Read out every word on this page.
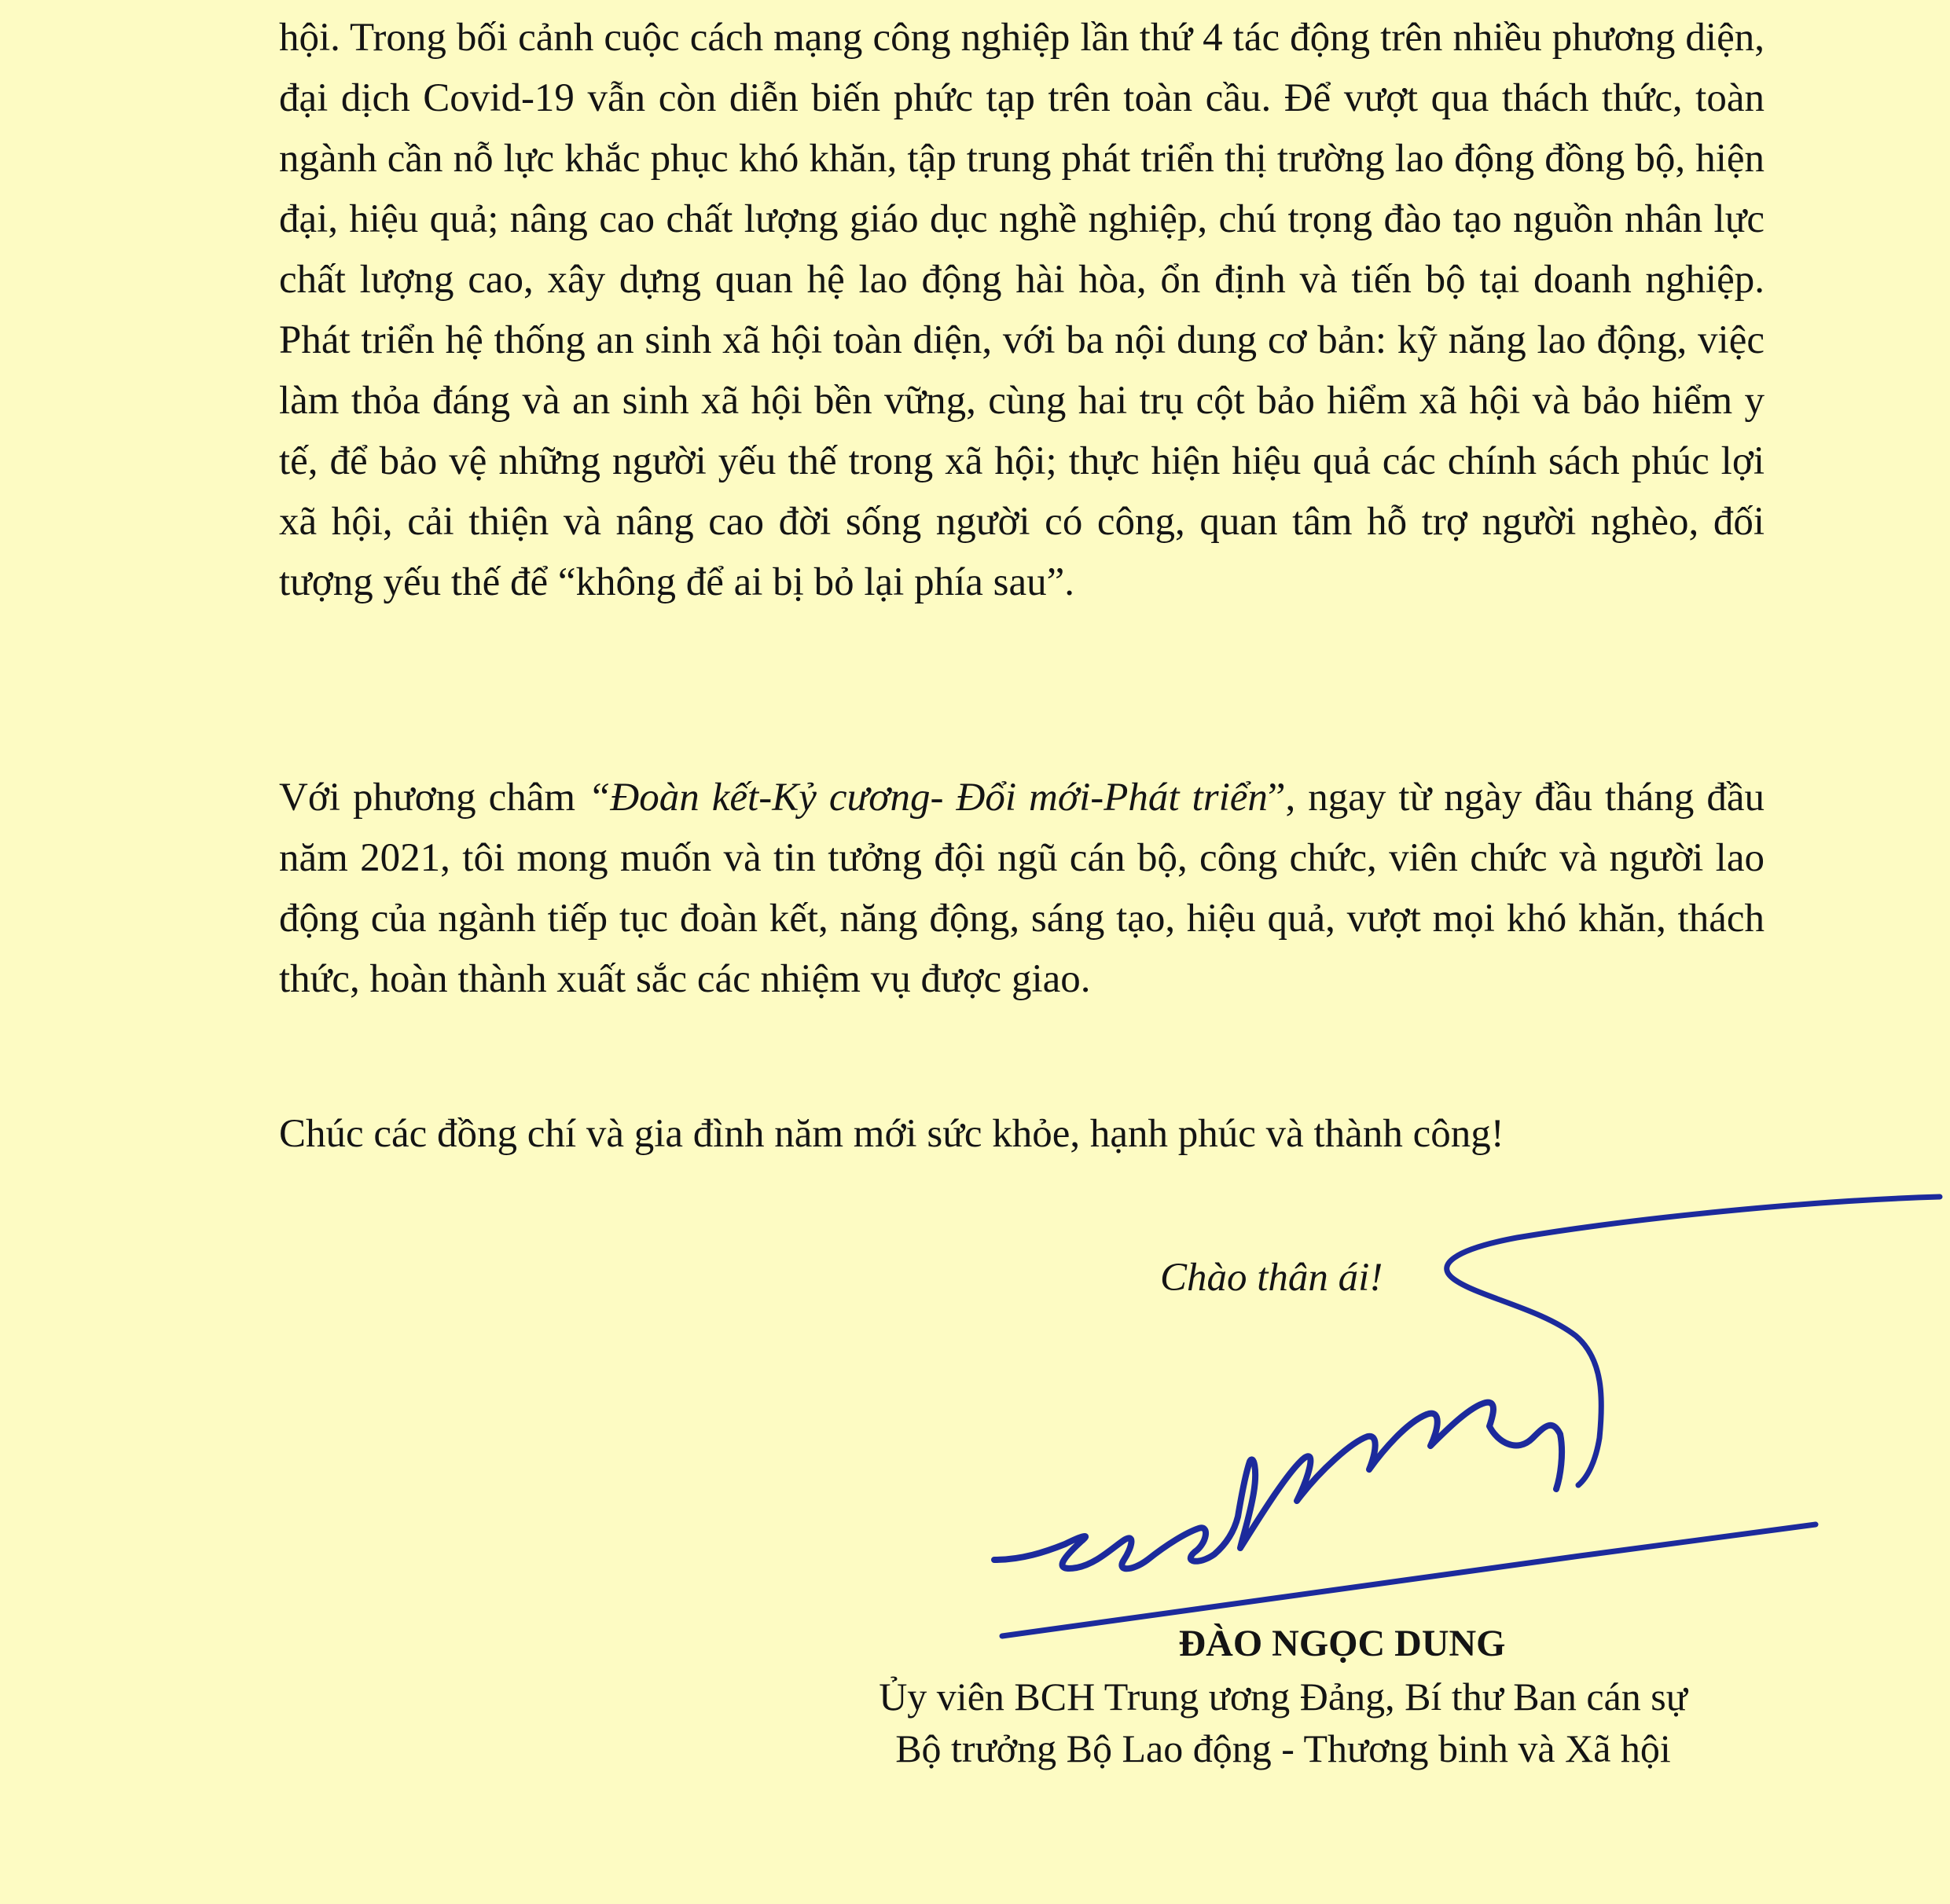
hội. Trong bối cảnh cuộc cách mạng công nghiệp lần thứ 4 tác động trên nhiều phương diện, đại dịch Covid-19 vẫn còn diễn biến phức tạp trên toàn cầu. Để vượt qua thách thức, toàn ngành cần nỗ lực khắc phục khó khăn, tập trung phát triển thị trường lao động đồng bộ, hiện đại, hiệu quả; nâng cao chất lượng giáo dục nghề nghiệp, chú trọng đào tạo nguồn nhân lực chất lượng cao, xây dựng quan hệ lao động hài hòa, ổn định và tiến bộ tại doanh nghiệp. Phát triển hệ thống an sinh xã hội toàn diện, với ba nội dung cơ bản: kỹ năng lao động, việc làm thỏa đáng và an sinh xã hội bền vững, cùng hai trụ cột bảo hiểm xã hội và bảo hiểm y tế, để bảo vệ những người yếu thế trong xã hội; thực hiện hiệu quả các chính sách phúc lợi xã hội, cải thiện và nâng cao đời sống người có công, quan tâm hỗ trợ người nghèo, đối tượng yếu thế để “không để ai bị bỏ lại phía sau”.

Với phương châm “Đoàn kết-Kỷ cương- Đổi mới-Phát triển”, ngay từ ngày đầu tháng đầu năm 2021, tôi mong muốn và tin tưởng đội ngũ cán bộ, công chức, viên chức và người lao động của ngành tiếp tục đoàn kết, năng động, sáng tạo, hiệu quả, vượt mọi khó khăn, thách thức, hoàn thành xuất sắc các nhiệm vụ được giao.

Chúc các đồng chí và gia đình năm mới sức khỏe, hạnh phúc và thành công!

Chào thân ái!

ĐÀO NGỌC DUNG

Ủy viên BCH Trung ương Đảng, Bí thư Ban cán sự

Bộ trưởng Bộ Lao động - Thương binh và Xã hội
